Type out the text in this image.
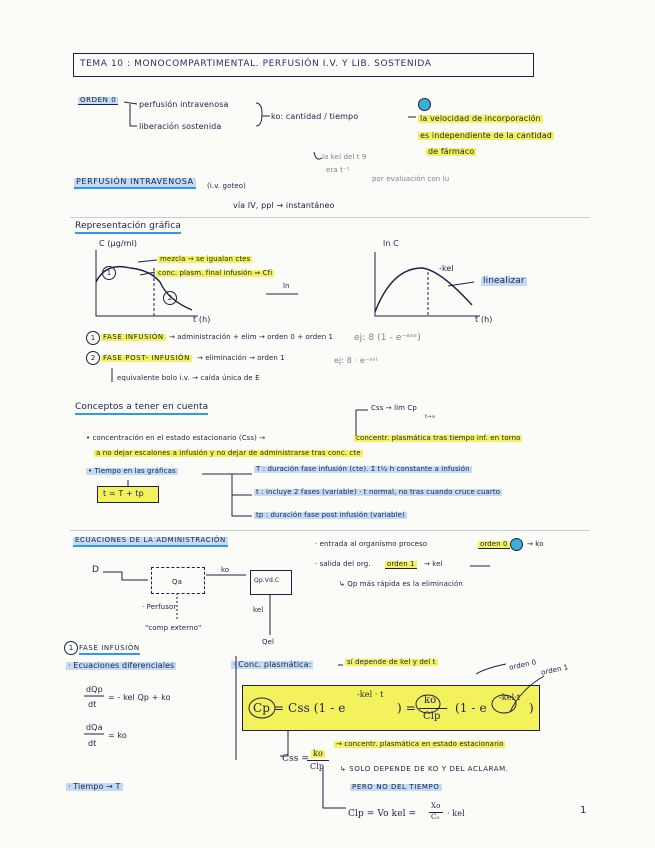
TEMA 10 : MONOCOMPARTIMENTAL. PERFUSIÓN I.V. Y LIB. SOSTENIDA
ORDEN 0	perfusión intravenosa
liberación sostenida
ko: cantidad / tiempo	la velocidad de incorporación
es independiente de la cantidad
de fármaco
la kel del t 9
era t⁻¹
por evaluación con lu
PERFUSIÓN INTRAVENOSA (i.v. goteo)
vía IV, ppl → instantáneo
Representación gráfica
C (µg/ml)
mezcla → se igualan ctes
conc. plasm. final infusión ⇒ Cfi
ln
t (h)
1
2
ln C
-kel
linealizar
t (h)
1	FASE INFUSIÓN → administración + elim → orden 0 + orden 1 ej: 8 (1 - e⁻ᵃˢᵉ)
2	FASE POST- INFUSIÓN → eliminación → orden 1	ej: 8 · e⁻ᵃˢᵗ
equivalente bolo i.v. → caída única de E
Conceptos a tener en cuenta	Css → lim Cp
t→∞
• concentración en el estado estacionario (Css) →	concentr. plasmática tras tiempo inf. en torno
a no dejar escalones a infusión y no dejar de administrarse tras conc. cte
• Tiempo en las gráficas
t = T + tp
T : duración fase infusión (cte). Σ t½ h constante a infusión
t : incluye 2 fases (variable) · t normal, no tras cuando cruce cuarto
tp : duración fase post infusión (variable)
ECUACIONES DE LA ADMINISTRACIÓN
D
Qa
ko
Qp.Vd.C
kel
Qel
· Perfusor
"comp externo"
· entrada al organismo proceso	orden 0	→ ko
· salida del org. orden 1 → kel
↳ Qp más rápida es la eliminación
1 FASE INFUSIÓN
· Ecuaciones diferenciales
dQp
dt
= - kel Qp + ko
dQa
dt
= ko
· Tiempo → T
· Conc. plasmática:	sí depende de kel y del t	orden 0 orden 1
Cp = Css (1 - e
-kel · t
) =
ko
Clp
(1 - e
-kel·t
)
Css =
ko
Clp
→ concentr. plasmática en estado estacionario
↳ SOLO DEPENDE DE KO Y DEL ACLARAM.
PERO NO DEL TIEMPO
Clp = Vo kel =
Xo
C₀ · kel	1
